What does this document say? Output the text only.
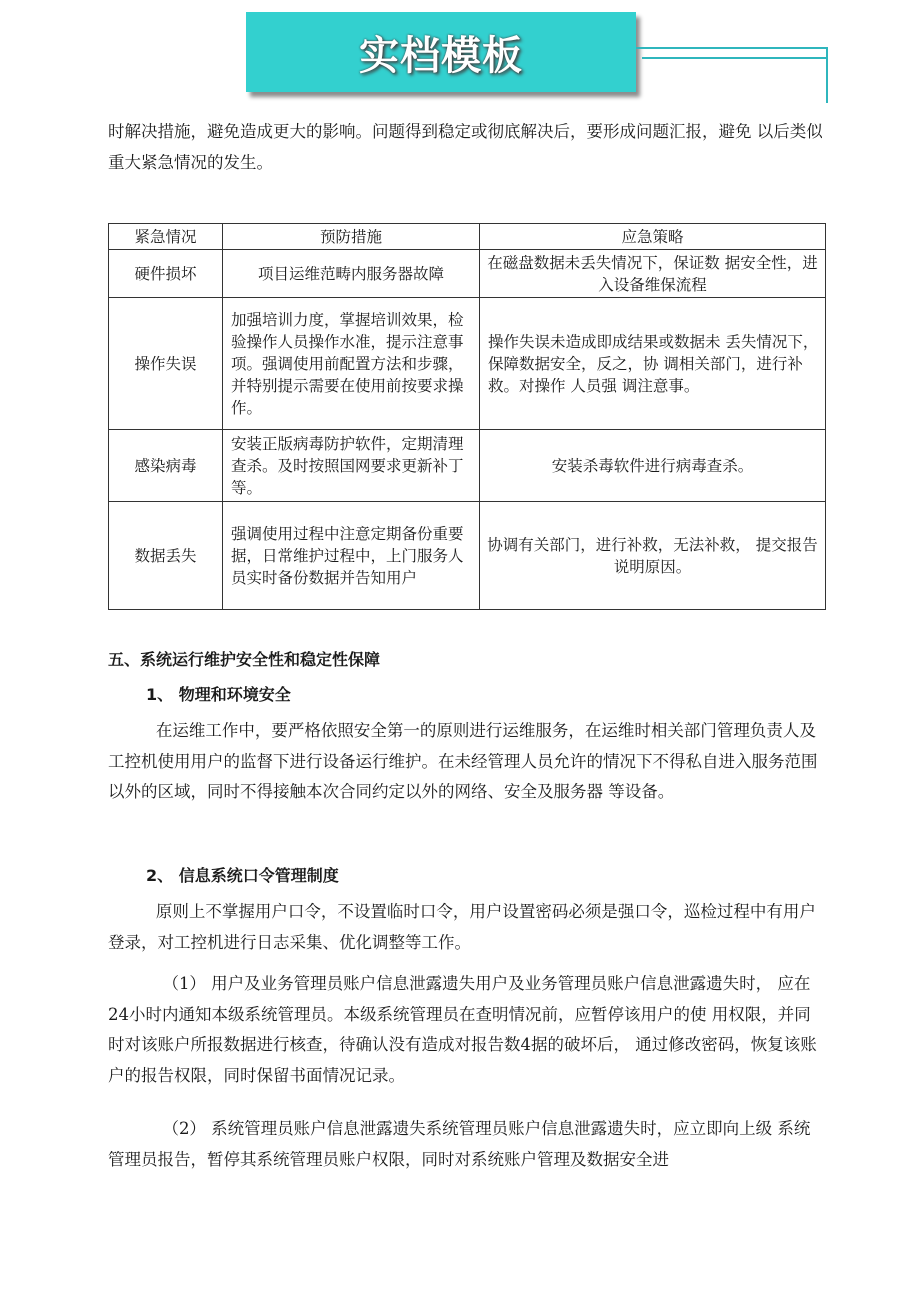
实档模板

时解决措施，避免造成更大的影响。问题得到稳定或彻底解决后，要形成问题汇报，避免 以后类似重大紧急情况的发生。

紧急情况	预防措施	应急策略
硬件损坏	项目运维范畴内服务器故障	在磁盘数据未丢失情况下，保证数 据安全性，进入设备维保流程
操作失误	加强培训力度，掌握培训效果，检验操作人员操作水准，提示注意事项。强调使用前配置方法和步骤，并特别提示需要在使用前按要求操作。	操作失误未造成即成结果或数据未 丢失情况下，保障数据安全，反之，协 调相关部门，进行补救。对操作 人员强 调注意事。
感染病毒	安装正版病毒防护软件，定期清理查杀。及时按照国网要求更新补丁等。	安装杀毒软件进行病毒查杀。
数据丢失	强调使用过程中注意定期备份重要据，日常维护过程中，上门服务人员实时备份数据并告知用户	协调有关部门，进行补救，无法补救， 提交报告说明原因。
五、系统运行维护安全性和稳定性保障
1、 物理和环境安全

在运维工作中，要严格依照安全第一的原则进行运维服务，在运维时相关部门管理负责人及工控机使用用户的监督下进行设备运行维护。在未经管理人员允许的情况下不得私自进入服务范围以外的区域，同时不得接触本次合同约定以外的网络、安全及服务器 等设备。

2、 信息系统口令管理制度

原则上不掌握用户口令，不设置临时口令，用户设置密码必须是强口令，巡检过程中有用户登录，对工控机进行日志采集、优化调整等工作。

（1） 用户及业务管理员账户信息泄露遗失用户及业务管理员账户信息泄露遗失时， 应在24小时内通知本级系统管理员。本级系统管理员在查明情况前，应暂停该用户的使 用权限，并同时对该账户所报数据进行核查，待确认没有造成对报告数4据的破坏后， 通过修改密码，恢复该账户的报告权限，同时保留书面情况记录。

（2） 系统管理员账户信息泄露遗失系统管理员账户信息泄露遗失时，应立即向上级 系统管理员报告，暂停其系统管理员账户权限，同时对系统账户管理及数据安全进
